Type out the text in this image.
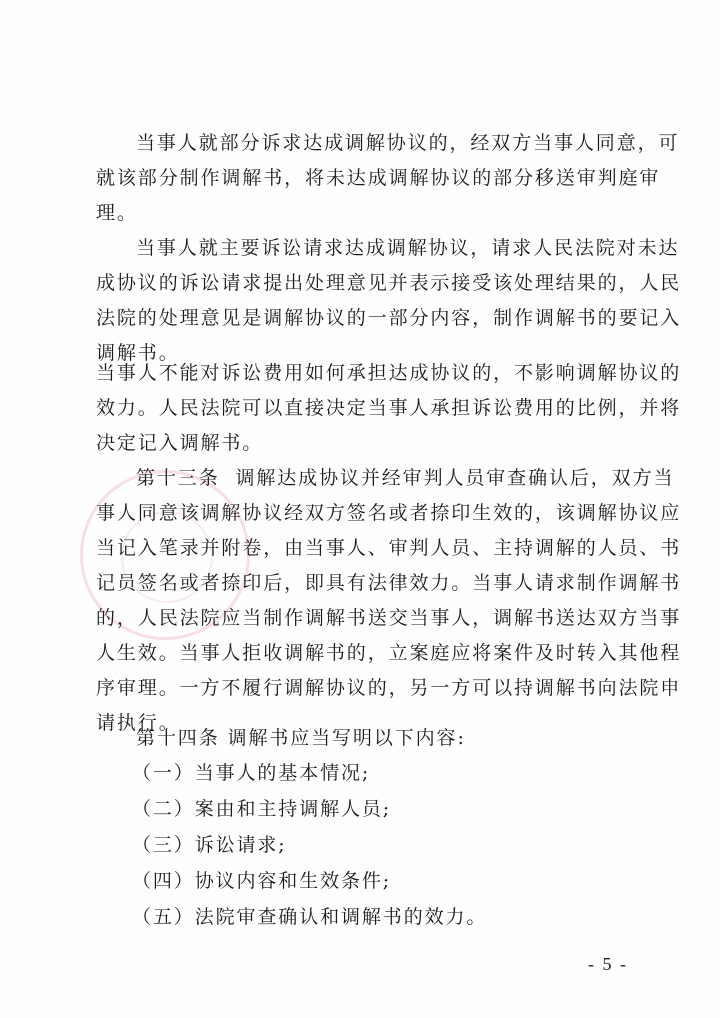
当事人就部分诉求达成调解协议的，经双方当事人同意，可
就该部分制作调解书，将未达成调解协议的部分移送审判庭审
理。
当事人就主要诉讼请求达成调解协议，请求人民法院对未达
成协议的诉讼请求提出处理意见并表示接受该处理结果的，人民
法院的处理意见是调解协议的一部分内容，制作调解书的要记入
调解书。
当事人不能对诉讼费用如何承担达成协议的，不影响调解协议的
效力。人民法院可以直接决定当事人承担诉讼费用的比例，并将
决定记入调解书。
第十三条  调解达成协议并经审判人员审查确认后，双方当
事人同意该调解协议经双方签名或者捺印生效的，该调解协议应
当记入笔录并附卷，由当事人、审判人员、主持调解的人员、书
记员签名或者捺印后，即具有法律效力。当事人请求制作调解书
的，人民法院应当制作调解书送交当事人，调解书送达双方当事
人生效。当事人拒收调解书的，立案庭应将案件及时转入其他程
序审理。一方不履行调解协议的，另一方可以持调解书向法院申
请执行。
第十四条 调解书应当写明以下内容:
（一）当事人的基本情况;
（二）案由和主持调解人员;
（三）诉讼请求;
（四）协议内容和生效条件;
（五）法院审查确认和调解书的效力。
- 5 -
